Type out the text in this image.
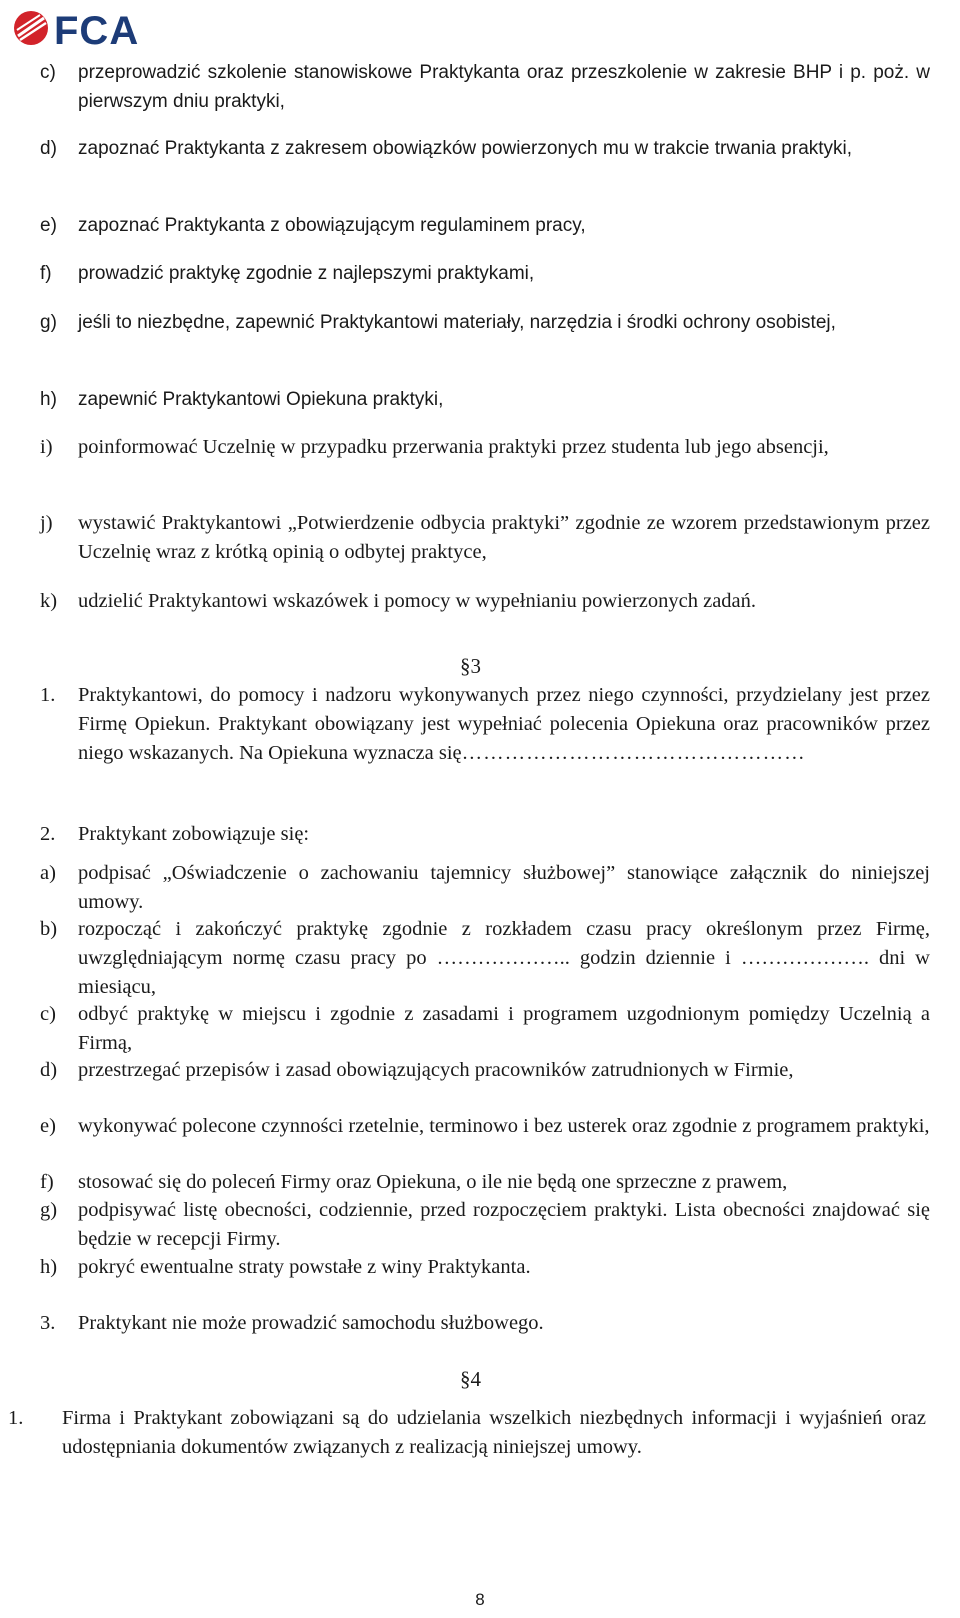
FCA
c) przeprowadzić szkolenie stanowiskowe Praktykanta oraz przeszkolenie w zakresie BHP i p. poż. w pierwszym dniu praktyki,
d) zapoznać Praktykanta z zakresem obowiązków powierzonych mu w trakcie trwania praktyki,
e) zapoznać Praktykanta z obowiązującym regulaminem pracy,
f) prowadzić praktykę zgodnie z najlepszymi praktykami,
g) jeśli to niezbędne, zapewnić Praktykantowi materiały, narzędzia i środki ochrony osobistej,
h) zapewnić Praktykantowi Opiekuna praktyki,
i) poinformować Uczelnię w przypadku przerwania praktyki przez studenta lub jego absencji,
j) wystawić Praktykantowi „Potwierdzenie odbycia praktyki” zgodnie ze wzorem przedstawionym przez Uczelnię wraz z krótką opinią o odbytej praktyce,
k) udzielić Praktykantowi wskazówek i pomocy w wypełnianiu powierzonych zadań.
§3
1. Praktykantowi, do pomocy i nadzoru wykonywanych przez niego czynności, przydzielany jest przez Firmę Opiekun. Praktykant obowiązany jest wypełniać polecenia Opiekuna oraz pracowników przez niego wskazanych. Na Opiekuna wyznacza się…………………………………………
2. Praktykant zobowiązuje się:
a) podpisać „Oświadczenie o zachowaniu tajemnicy służbowej” stanowiące załącznik do niniejszej umowy.
b) rozpocząć i zakończyć praktykę zgodnie z rozkładem czasu pracy określonym przez Firmę, uwzględniającym normę czasu pracy po ……………….. godzin dziennie i ………………. dni w miesiącu,
c) odbyć praktykę w miejscu i zgodnie z zasadami i programem uzgodnionym pomiędzy Uczelnią a Firmą,
d) przestrzegać przepisów i zasad obowiązujących pracowników zatrudnionych w Firmie,
e) wykonywać polecone czynności rzetelnie, terminowo i bez usterek oraz zgodnie z programem praktyki,
f) stosować się do poleceń Firmy oraz Opiekuna, o ile nie będą one sprzeczne z prawem,
g) podpisywać listę obecności, codziennie, przed rozpoczęciem praktyki. Lista obecności znajdować się będzie w recepcji Firmy.
h) pokryć ewentualne straty powstałe z winy Praktykanta.
3. Praktykant nie może prowadzić samochodu służbowego.
§4
1. Firma i Praktykant zobowiązani są do udzielania wszelkich niezbędnych informacji i wyjaśnień oraz udostępniania dokumentów związanych z realizacją niniejszej umowy.
8
